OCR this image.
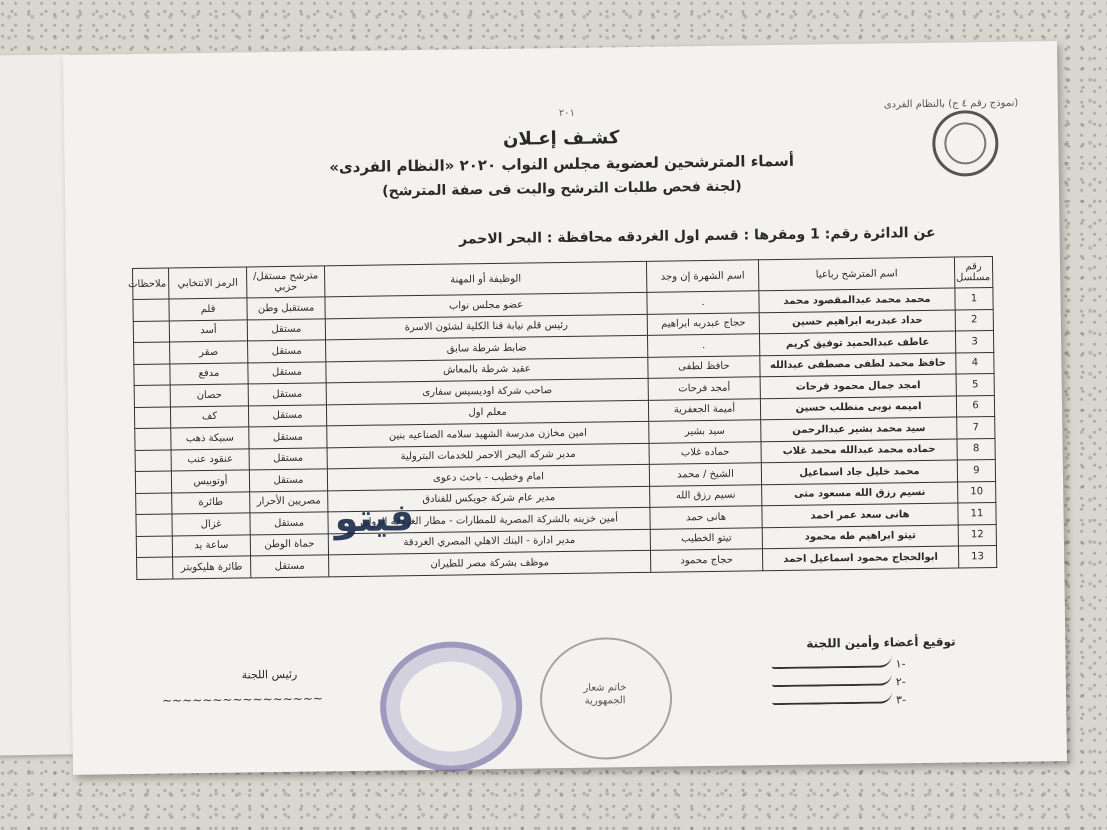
(نموذج رقم ٤ ج) بالنظام الفردى
٢٠١
كشـف إعـلان
أسماء المترشحين لعضوية مجلس النواب ٢٠٢٠ «النظام الفردى»
(لجنة فحص طلبات الترشح والبت فى صفة المترشح)
عن الدائرة رقم: 1 ومقرها : قسم اول الغردقه محافظة : البحر الاحمر
رقم مسلسل	اسم المترشح رباعيا	اسم الشهرة إن وجد	الوظيفة أو المهنة	مترشح مستقل/حزبي	الرمز الانتخابي	ملاحظات
1	محمد محمد عبدالمقصود محمد	.	عضو مجلس نواب	مستقبل وطن	قلم	
2	حداد عبدربه ابراهيم حسين	حجاج عبدربه ابراهيم	رئيس قلم نيابة قنا الكلية لشئون الاسرة	مستقل	أسد	
3	عاطف عبدالحميد توفيق كريم	.	ضابط شرطة سابق	مستقل	صقر	
4	حافظ محمد لطفى مصطفى عبدالله	حافظ لطفى	عقيد شرطة بالمعاش	مستقل	مدفع	
5	امجد جمال محمود فرحات	أمجد فرحات	صاحب شركة اوديسيس سفارى	مستقل	حصان	
6	اميمه نوبى منطلب حسين	أميمة الجعفرية	معلم اول	مستقل	كف	
7	سيد محمد بشير عبدالرحمن	سيد بشير	امين مخازن مدرسة الشهيد سلامه الصناعيه بنين	مستقل	سبيكة ذهب	
8	حماده محمد عبدالله محمد غلاب	حماده غلاب	مدير شركه البحر الاحمر للخدمات البترولية	مستقل	عنقود عنب	
9	محمد خليل جاد اسماعيل	الشيخ / محمد	امام وخطيب - باحث دعوى	مستقل	أوتوبيس	
10	نسيم رزق الله مسعود متى	نسيم رزق الله	مدير عام شركة جويكس للفنادق	مصريين الأحرار	طائرة	
11	هانى سعد عمر احمد	هانى حمد	أمين خزينه بالشركة المصرية للمطارات - مطار الغردقه الدولى	مستقل	غزال	
12	تيتو ابراهيم طه محمود	تيتو الخطيب	مدير ادارة - البنك الاهلي المصري الغردقة	حماة الوطن	ساعة يد	
13	ابوالحجاج محمود اسماعيل احمد	حجاج محمود	موظف بشركة مصر للطيران	مستقل	طائرة هليكوبتر	
فيتو
توقيع أعضاء وأمين اللجنة
-١
-٢
-٣
خاتم شعار الجمهورية
رئيس اللجنة
~~~~~~~~~~~~~~~~
